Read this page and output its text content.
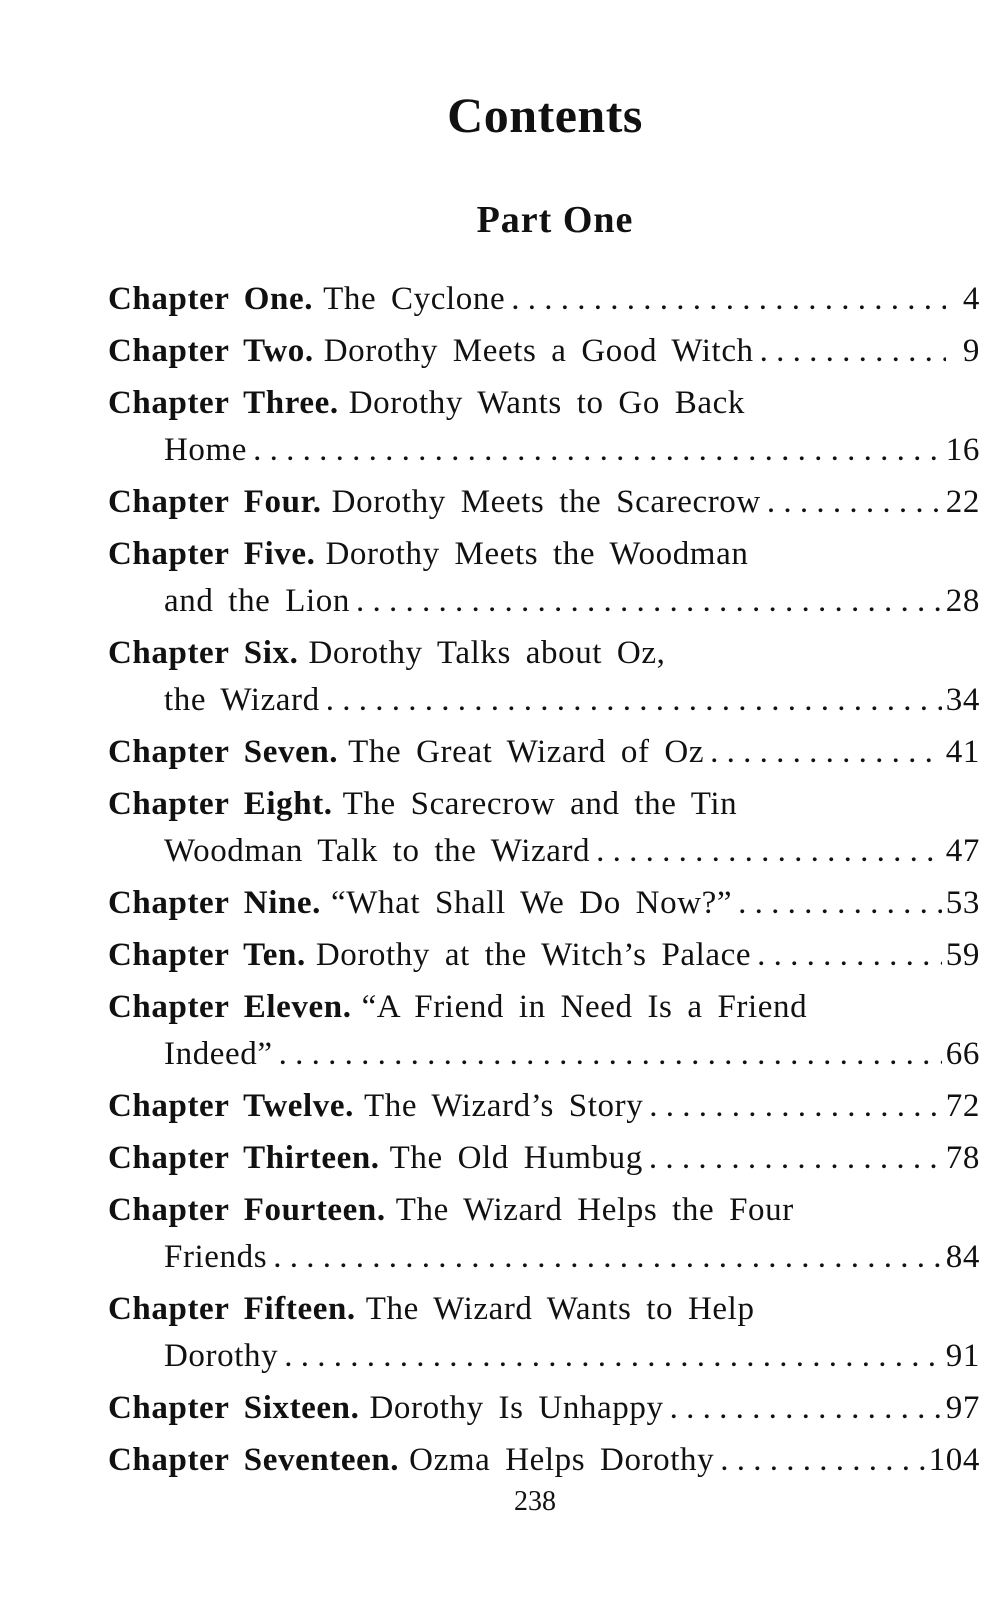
Contents
Part One
Chapter One. The Cyclone . . .	4
Chapter Two. Dorothy Meets a Good Witch . . .	9
Chapter Three. Dorothy Wants to Go Back
Home . . .	16
Chapter Four. Dorothy Meets the Scarecrow . . .	22
Chapter Five. Dorothy Meets the Woodman
and the Lion . . .	28
Chapter Six. Dorothy Talks about Oz,
the Wizard . . .	34
Chapter Seven. The Great Wizard of Oz . . .	41
Chapter Eight. The Scarecrow and the Tin
Woodman Talk to the Wizard . . .	47
Chapter Nine. “What Shall We Do Now?” . . .	53
Chapter Ten. Dorothy at the Witch’s Palace . . .	59
Chapter Eleven. “A Friend in Need Is a Friend
Indeed” . . .	66
Chapter Twelve. The Wizard’s Story . . .	72
Chapter Thirteen. The Old Humbug . . .	78
Chapter Fourteen. The Wizard Helps the Four
Friends . . .	84
Chapter Fifteen. The Wizard Wants to Help
Dorothy . . .	91
Chapter Sixteen. Dorothy Is Unhappy . . .	97
Chapter Seventeen. Ozma Helps Dorothy . . .	104
238
